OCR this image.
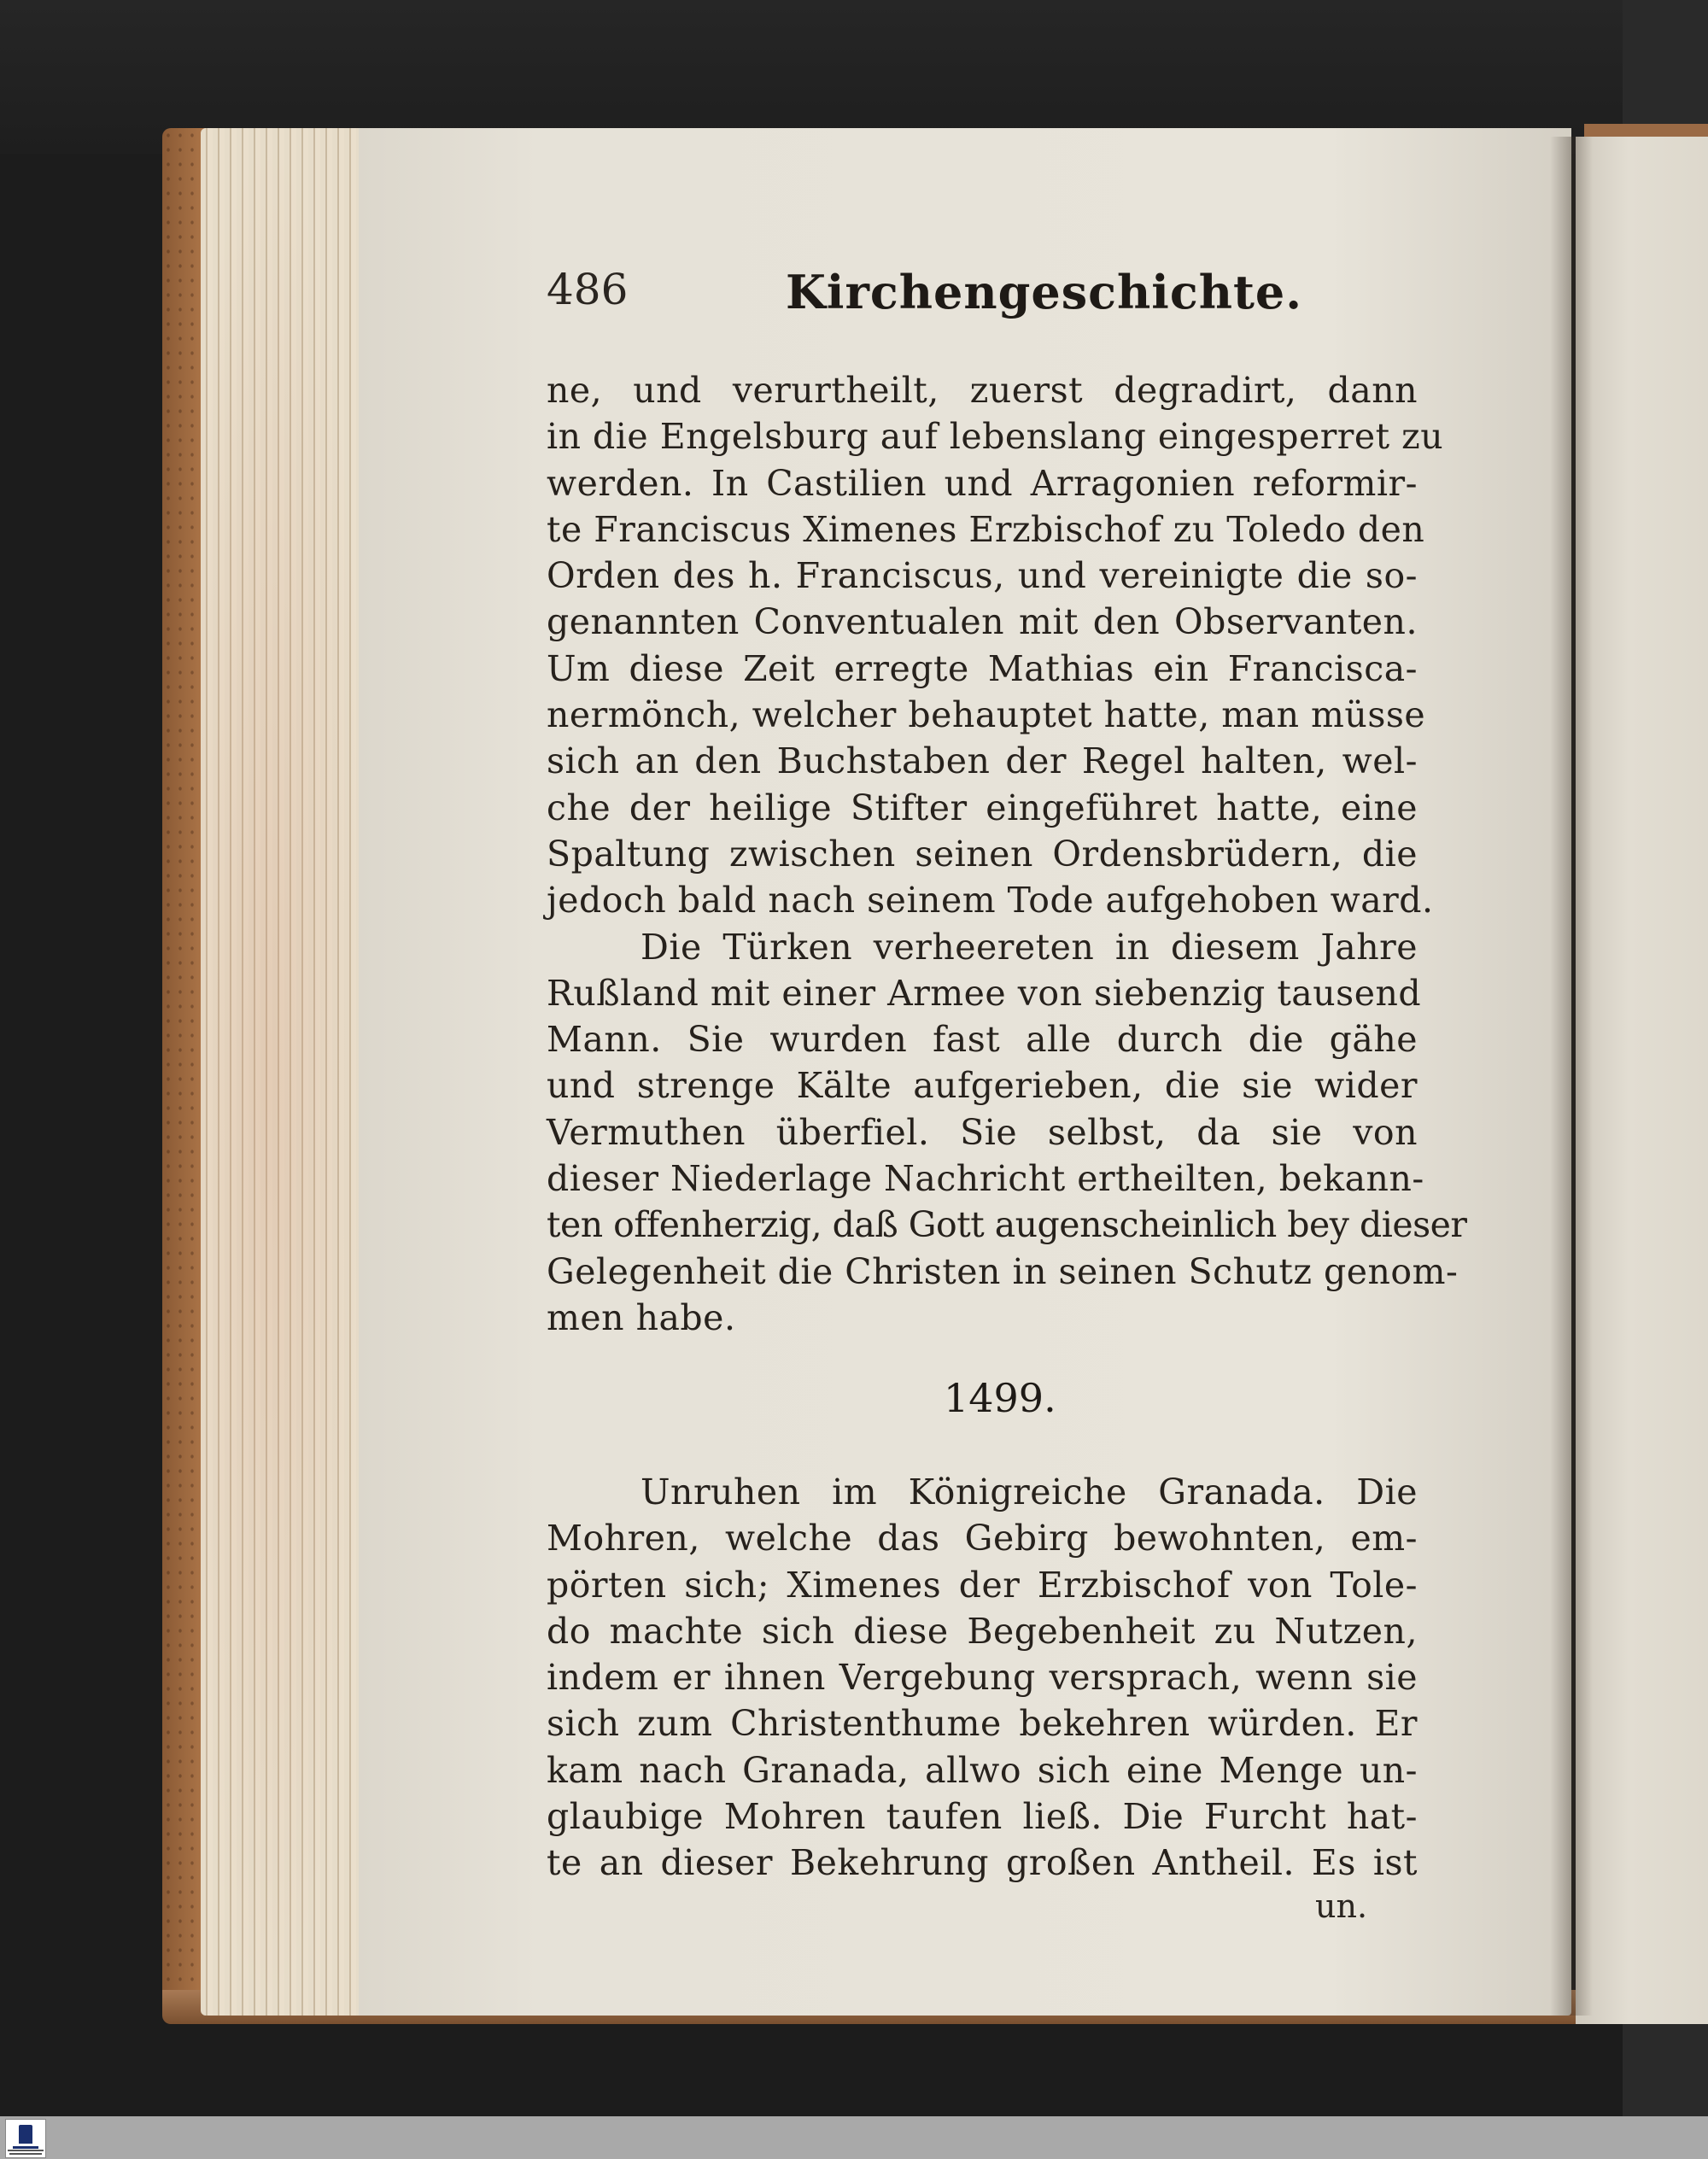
486	Kirchengeschichte.
ne, und verurtheilt, zuerst degradirt, dann
in die Engelsburg auf lebenslang eingesperret zu
werden. In Castilien und Arragonien reformir-
te Franciscus Ximenes Erzbischof zu Toledo den
Orden des h. Franciscus, und vereinigte die so-
genannten Conventualen mit den Observanten.
Um diese Zeit erregte Mathias ein Francisca-
nermönch, welcher behauptet hatte, man müsse
sich an den Buchstaben der Regel halten, wel-
che der heilige Stifter eingeführet hatte, eine
Spaltung zwischen seinen Ordensbrüdern, die
jedoch bald nach seinem Tode aufgehoben ward.
Die Türken verheereten in diesem Jahre
Rußland mit einer Armee von siebenzig tausend
Mann. Sie wurden fast alle durch die gähe
und strenge Kälte aufgerieben, die sie wider
Vermuthen überfiel. Sie selbst, da sie von
dieser Niederlage Nachricht ertheilten, bekann-
ten offenherzig, daß Gott augenscheinlich bey dieser
Gelegenheit die Christen in seinen Schutz genom-
men habe.
1499.
Unruhen im Königreiche Granada. Die
Mohren, welche das Gebirg bewohnten, em-
pörten sich; Ximenes der Erzbischof von Tole-
do machte sich diese Begebenheit zu Nutzen,
indem er ihnen Vergebung versprach, wenn sie
sich zum Christenthume bekehren würden. Er
kam nach Granada, allwo sich eine Menge un-
glaubige Mohren taufen ließ. Die Furcht hat-
te an dieser Bekehrung großen Antheil. Es ist
un.
